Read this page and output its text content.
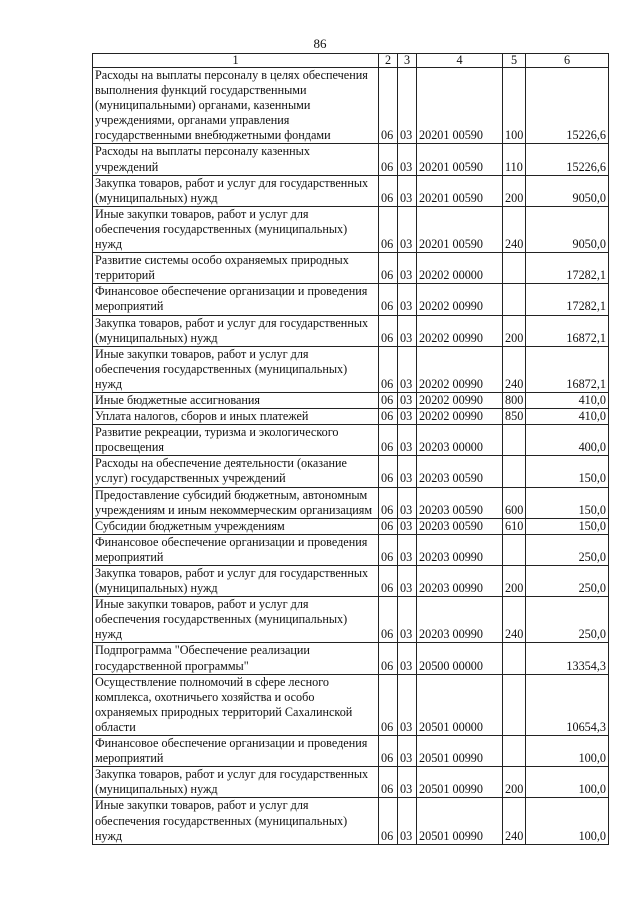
86
1	2	3	4	5	6
Расходы на выплаты персоналу в целях обеспечения выполнения функций государственными (муниципальными) органами, казенными учреждениями, органами управления государственными внебюджетными фондами	06	03	20201 00590	100	15226,6
Расходы на выплаты персоналу казенных учреждений	06	03	20201 00590	110	15226,6
Закупка товаров, работ и услуг для государственных (муниципальных) нужд	06	03	20201 00590	200	9050,0
Иные закупки товаров, работ и услуг для обеспечения государственных (муниципальных) нужд	06	03	20201 00590	240	9050,0
Развитие системы особо охраняемых природных территорий	06	03	20202 00000		17282,1
Финансовое обеспечение организации и проведения мероприятий	06	03	20202 00990		17282,1
Закупка товаров, работ и услуг для государственных (муниципальных) нужд	06	03	20202 00990	200	16872,1
Иные закупки товаров, работ и услуг для обеспечения государственных (муниципальных) нужд	06	03	20202 00990	240	16872,1
Иные бюджетные ассигнования	06	03	20202 00990	800	410,0
Уплата налогов, сборов и иных платежей	06	03	20202 00990	850	410,0
Развитие рекреации, туризма и экологического просвещения	06	03	20203 00000		400,0
Расходы на обеспечение деятельности (оказание услуг) государственных учреждений	06	03	20203 00590		150,0
Предоставление субсидий бюджетным, автономным учреждениям и иным некоммерческим организациям	06	03	20203 00590	600	150,0
Субсидии бюджетным учреждениям	06	03	20203 00590	610	150,0
Финансовое обеспечение организации и проведения мероприятий	06	03	20203 00990		250,0
Закупка товаров, работ и услуг для государственных (муниципальных) нужд	06	03	20203 00990	200	250,0
Иные закупки товаров, работ и услуг для обеспечения государственных (муниципальных) нужд	06	03	20203 00990	240	250,0
Подпрограмма "Обеспечение реализации государственной программы"	06	03	20500 00000		13354,3
Осуществление полномочий в сфере лесного комплекса, охотничьего хозяйства и особо охраняемых природных территорий Сахалинской области	06	03	20501 00000		10654,3
Финансовое обеспечение организации и проведения мероприятий	06	03	20501 00990		100,0
Закупка товаров, работ и услуг для государственных (муниципальных) нужд	06	03	20501 00990	200	100,0
Иные закупки товаров, работ и услуг для обеспечения государственных (муниципальных) нужд	06	03	20501 00990	240	100,0
